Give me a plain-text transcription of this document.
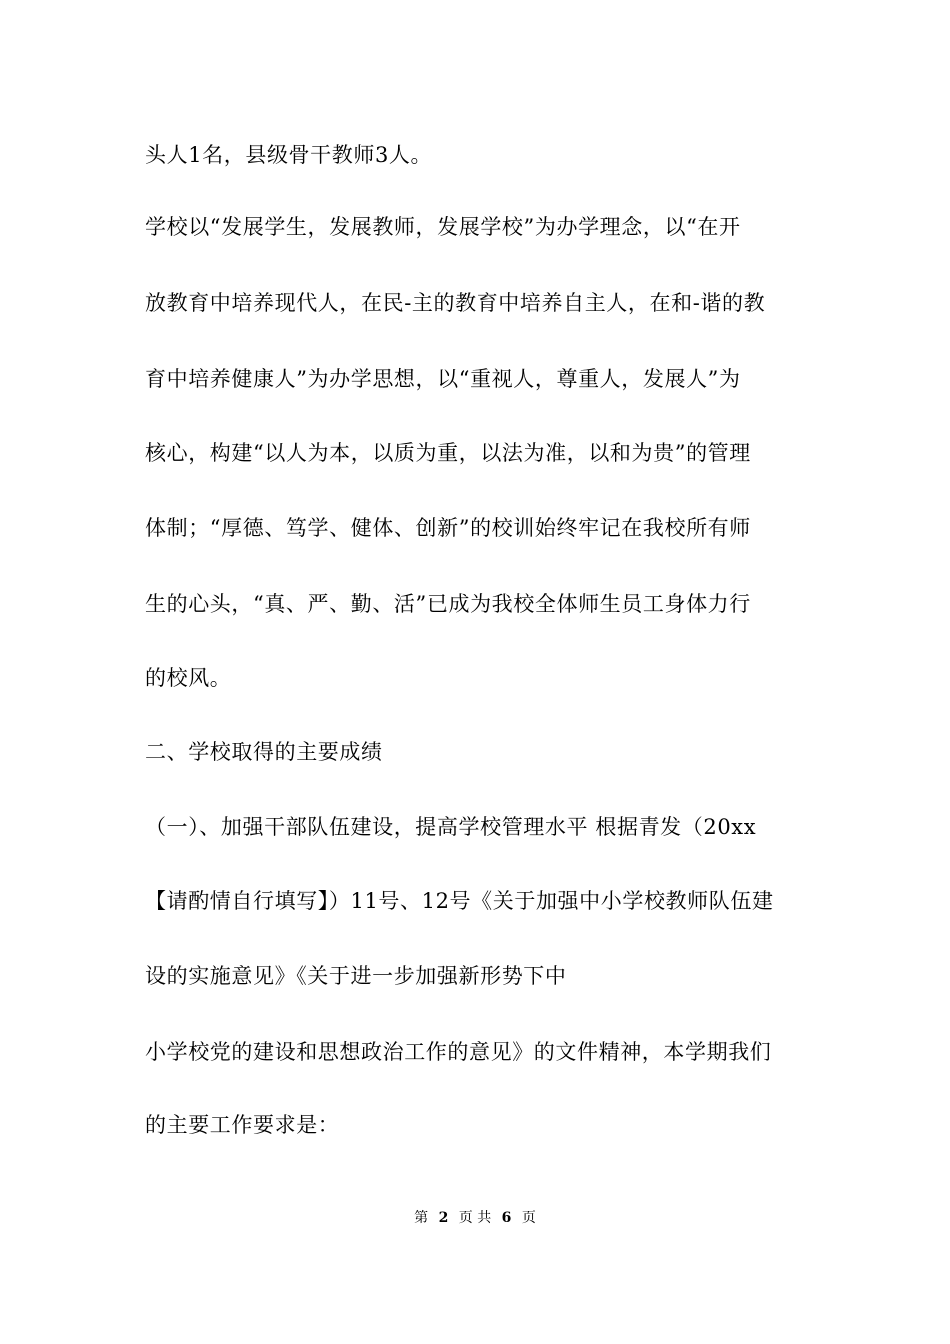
头人1名，县级骨干教师3人。
学校以“发展学生，发展教师，发展学校”为办学理念，以“在开
放教育中培养现代人，在民-主的教育中培养自主人，在和-谐的教
育中培养健康人”为办学思想，以“重视人，尊重人，发展人”为
核心，构建“以人为本，以质为重，以法为准，以和为贵”的管理
体制；“厚德、笃学、健体、创新”的校训始终牢记在我校所有师
生的心头，“真、严、勤、活”已成为我校全体师生员工身体力行
的校风。
二、学校取得的主要成绩
（一）、加强干部队伍建设，提高学校管理水平 根据青发（20xx
【请酌情自行填写】）11号、12号《关于加强中小学校教师队伍建
设的实施意见》《关于进一步加强新形势下中
小学校党的建设和思想政治工作的意见》的文件精神，本学期我们
的主要工作要求是：
第 2 页 共 6 页
